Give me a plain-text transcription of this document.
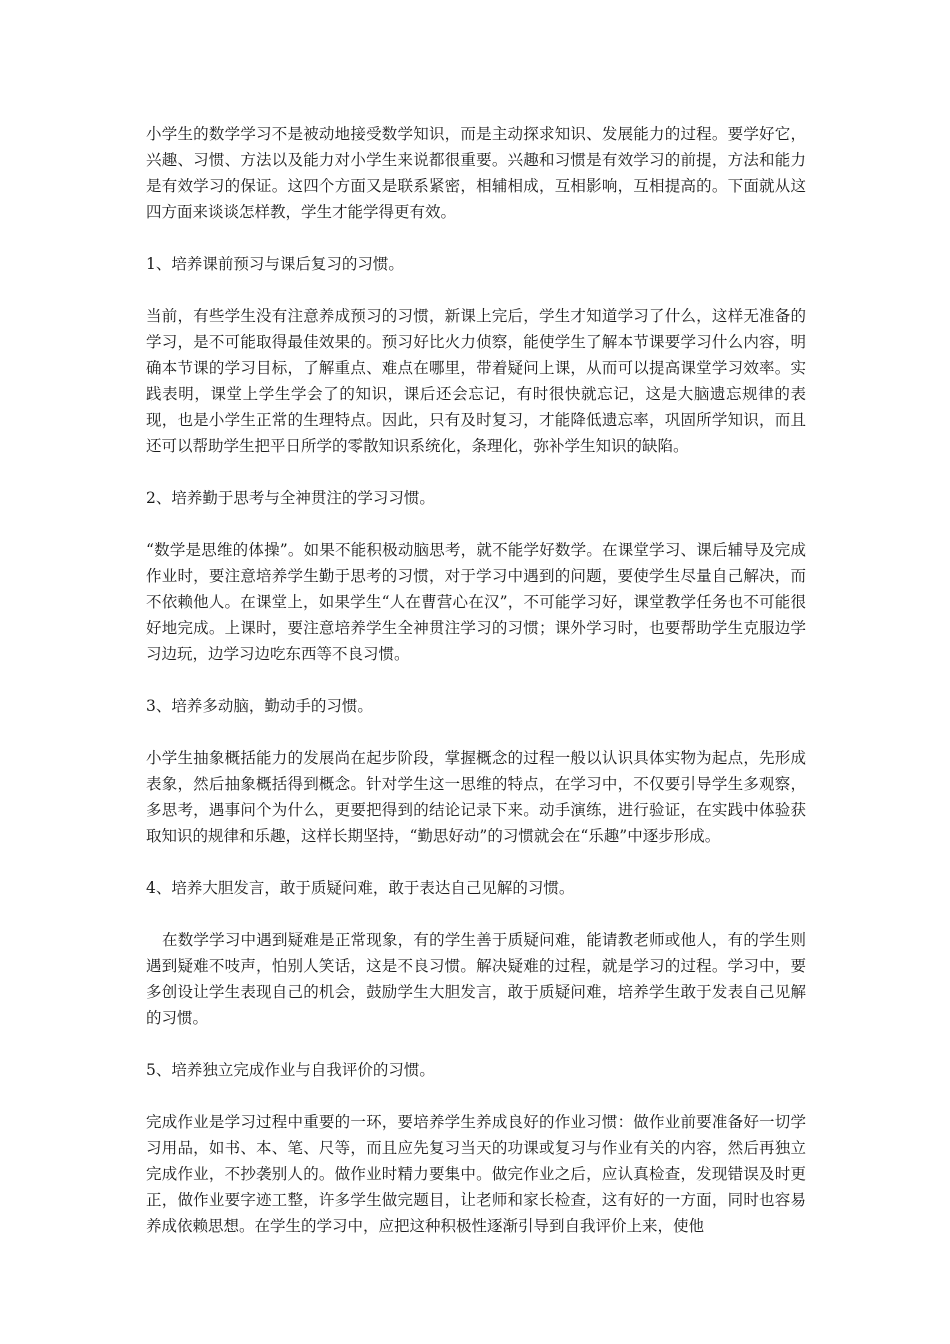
小学生的数学学习不是被动地接受数学知识，而是主动探求知识、发展能力的过程。要学好它，兴趣、习惯、方法以及能力对小学生来说都很重要。兴趣和习惯是有效学习的前提，方法和能力是有效学习的保证。这四个方面又是联系紧密，相辅相成，互相影响，互相提高的。下面就从这四方面来谈谈怎样教，学生才能学得更有效。

1、培养课前预习与课后复习的习惯。

当前，有些学生没有注意养成预习的习惯，新课上完后，学生才知道学习了什么，这样无准备的学习，是不可能取得最佳效果的。预习好比火力侦察，能使学生了解本节课要学习什么内容，明确本节课的学习目标，了解重点、难点在哪里，带着疑问上课，从而可以提高课堂学习效率。实践表明，课堂上学生学会了的知识，课后还会忘记，有时很快就忘记，这是大脑遗忘规律的表现，也是小学生正常的生理特点。因此，只有及时复习，才能降低遗忘率，巩固所学知识，而且还可以帮助学生把平日所学的零散知识系统化，条理化，弥补学生知识的缺陷。

2、培养勤于思考与全神贯注的学习习惯。

“数学是思维的体操”。如果不能积极动脑思考，就不能学好数学。在课堂学习、课后辅导及完成作业时，要注意培养学生勤于思考的习惯，对于学习中遇到的问题，要使学生尽量自己解决，而不依赖他人。在课堂上，如果学生“人在曹营心在汉”，不可能学习好，课堂教学任务也不可能很好地完成。上课时，要注意培养学生全神贯注学习的习惯；课外学习时，也要帮助学生克服边学习边玩，边学习边吃东西等不良习惯。

3、培养多动脑，勤动手的习惯。

小学生抽象概括能力的发展尚在起步阶段，掌握概念的过程一般以认识具体实物为起点，先形成表象，然后抽象概括得到概念。针对学生这一思维的特点，在学习中，不仅要引导学生多观察，多思考，遇事问个为什么，更要把得到的结论记录下来。动手演练，进行验证，在实践中体验获取知识的规律和乐趣，这样长期坚持，“勤思好动”的习惯就会在“乐趣”中逐步形成。

4、培养大胆发言，敢于质疑问难，敢于表达自己见解的习惯。

在数学学习中遇到疑难是正常现象，有的学生善于质疑问难，能请教老师或他人，有的学生则遇到疑难不吱声，怕别人笑话，这是不良习惯。解决疑难的过程，就是学习的过程。学习中，要多创设让学生表现自己的机会，鼓励学生大胆发言，敢于质疑问难，培养学生敢于发表自己见解的习惯。

5、培养独立完成作业与自我评价的习惯。

完成作业是学习过程中重要的一环，要培养学生养成良好的作业习惯：做作业前要准备好一切学习用品，如书、本、笔、尺等，而且应先复习当天的功课或复习与作业有关的内容，然后再独立完成作业，不抄袭别人的。做作业时精力要集中。做完作业之后，应认真检查，发现错误及时更正，做作业要字迹工整，许多学生做完题目，让老师和家长检查，这有好的一方面，同时也容易养成依赖思想。在学生的学习中，应把这种积极性逐渐引导到自我评价上来，使他
